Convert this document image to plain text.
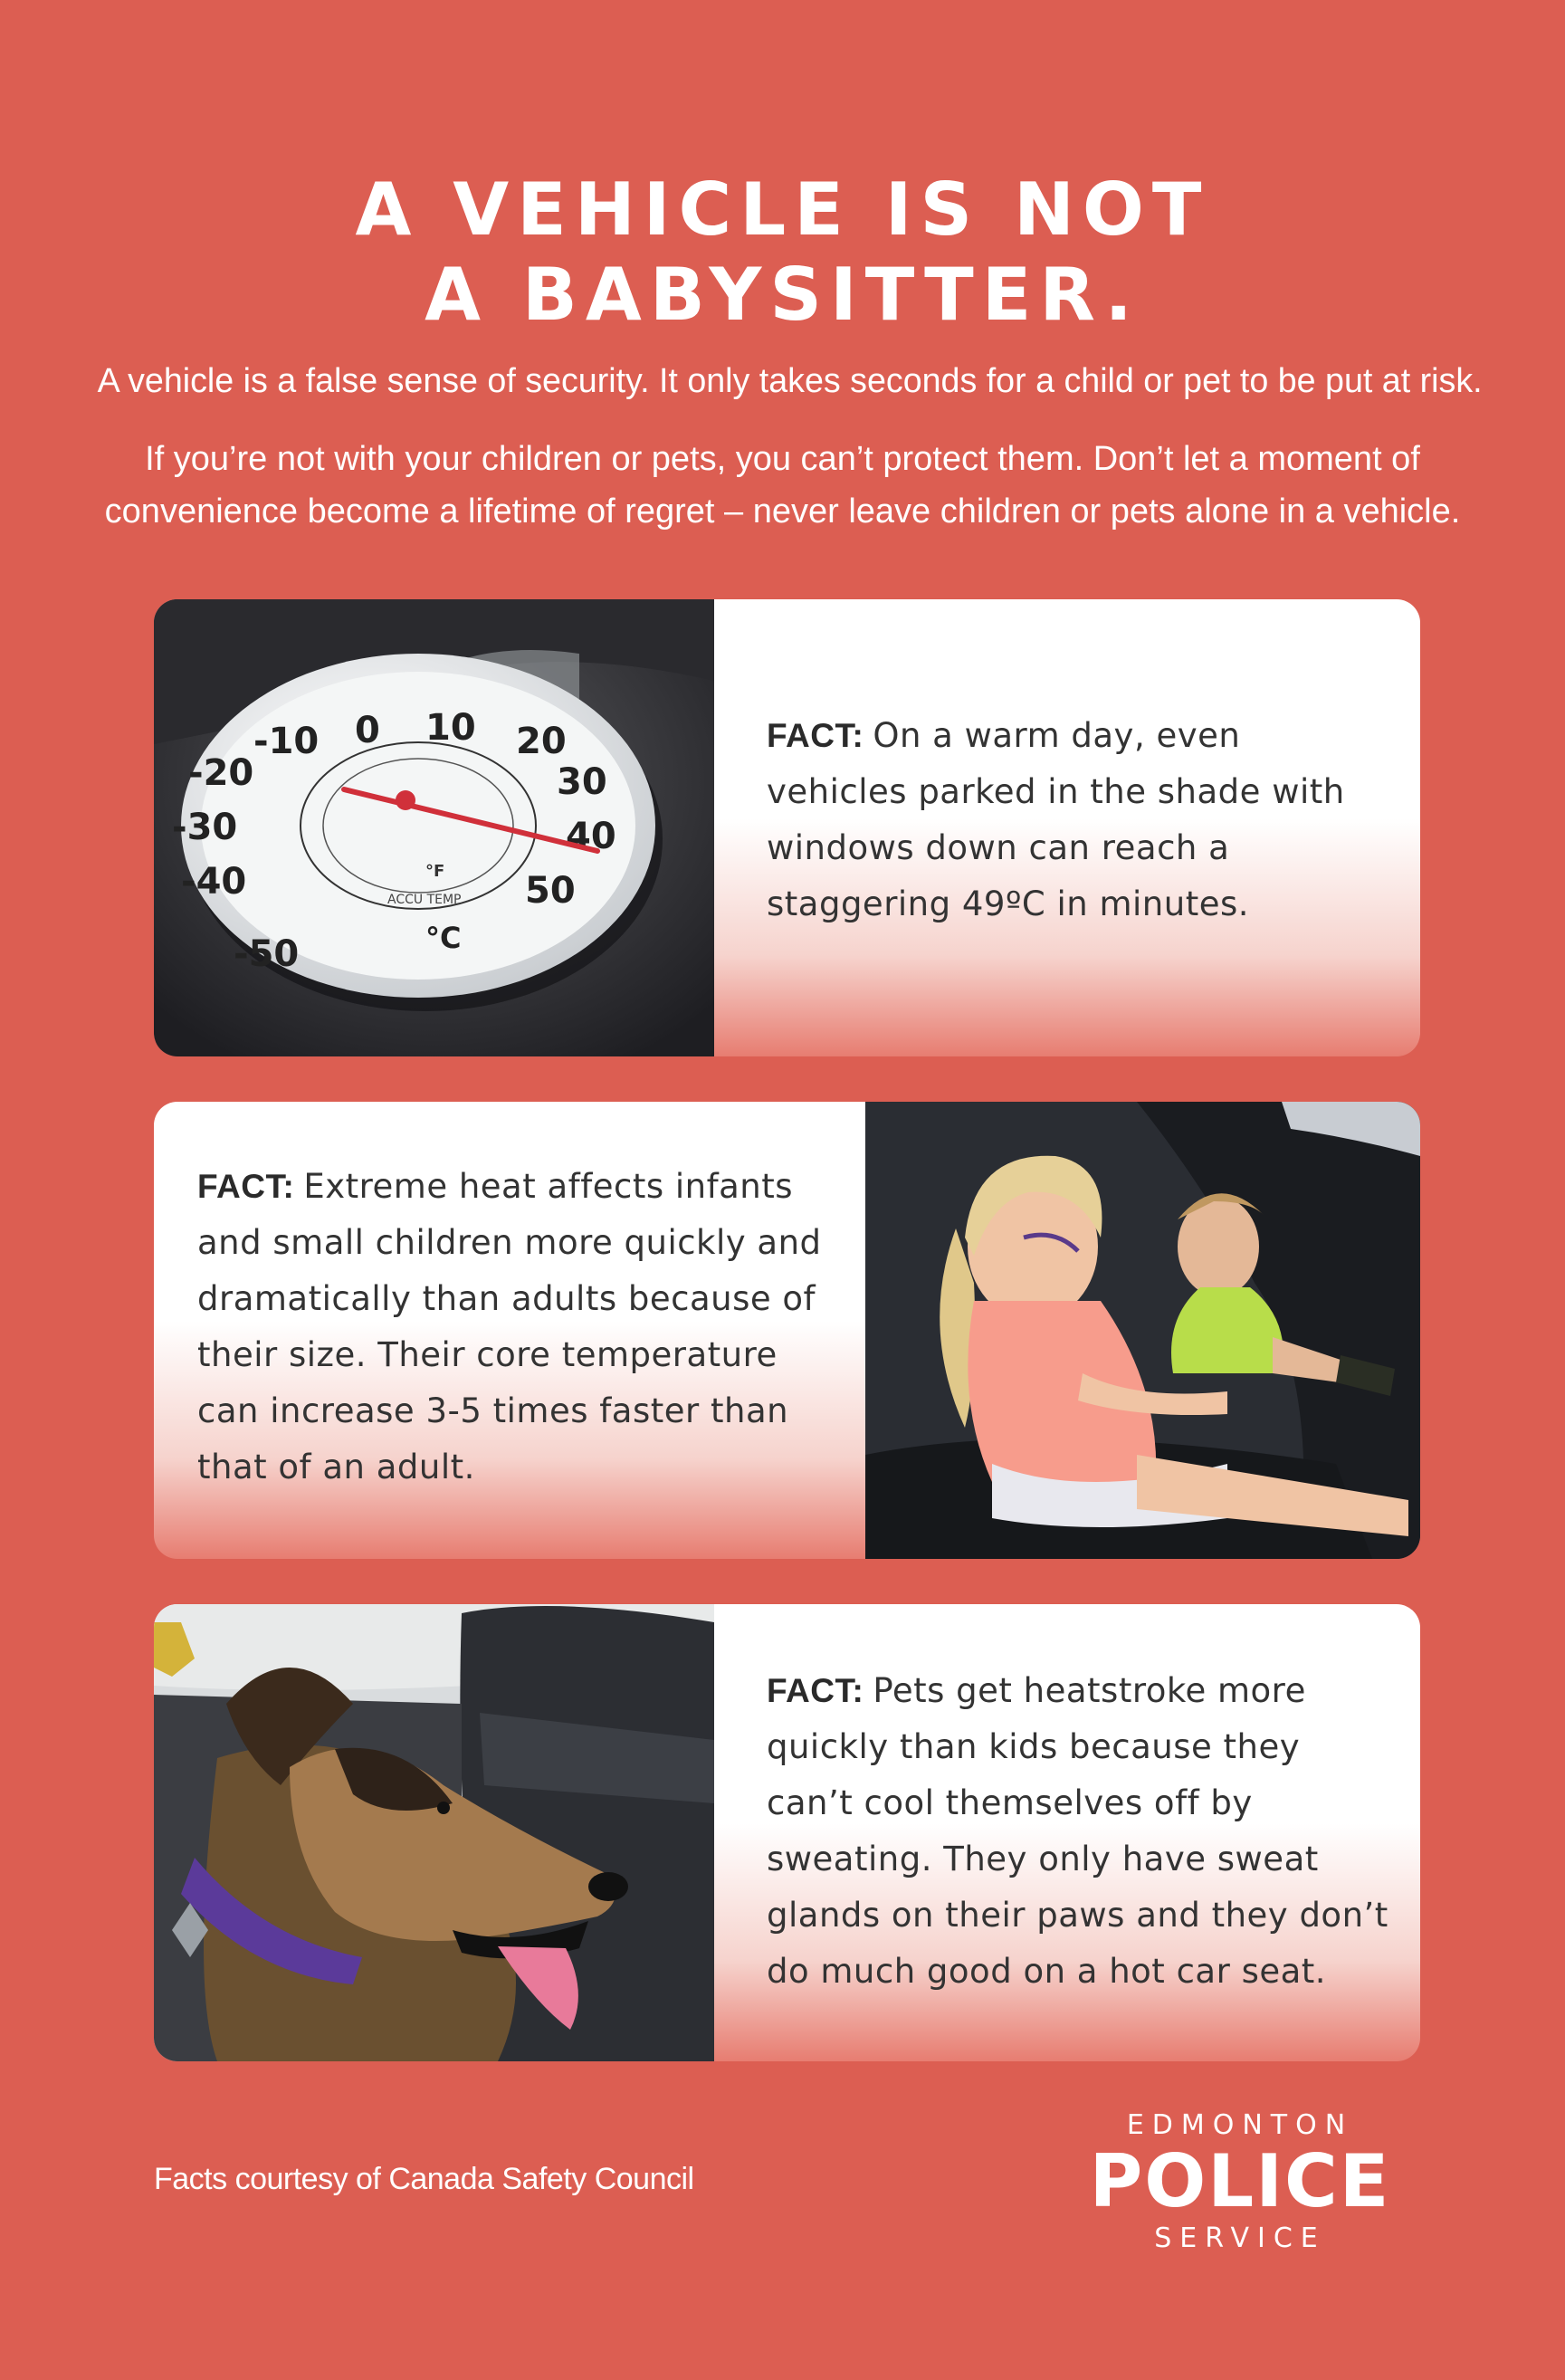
A VEHICLE IS NOT
A BABYSITTER.
A vehicle is a false sense of security. It only takes seconds for a child or pet to be put at risk.
If you’re not with your children or pets, you can’t protect them. Don’t let a moment of
convenience become a lifetime of regret – never leave children or pets alone in a vehicle.
-50
-40
-30
-20
-10 0 10 20
30
40
50
°C
°F
ACCU TEMP
FACT: On a warm day, even vehicles parked in the shade with windows down can reach a staggering 49ºC in minutes.
FACT: Extreme heat affects infants and small children more quickly and dramatically than adults because of their size. Their core temperature can increase 3-5 times faster than that of an adult.
FACT: Pets get heatstroke more quickly than kids because they can’t cool themselves off by sweating. They only have sweat glands on their paws and they don’t do much good on a hot car seat.
Facts courtesy of Canada Safety Council
EDMONTON
POLICE
SERVICE
